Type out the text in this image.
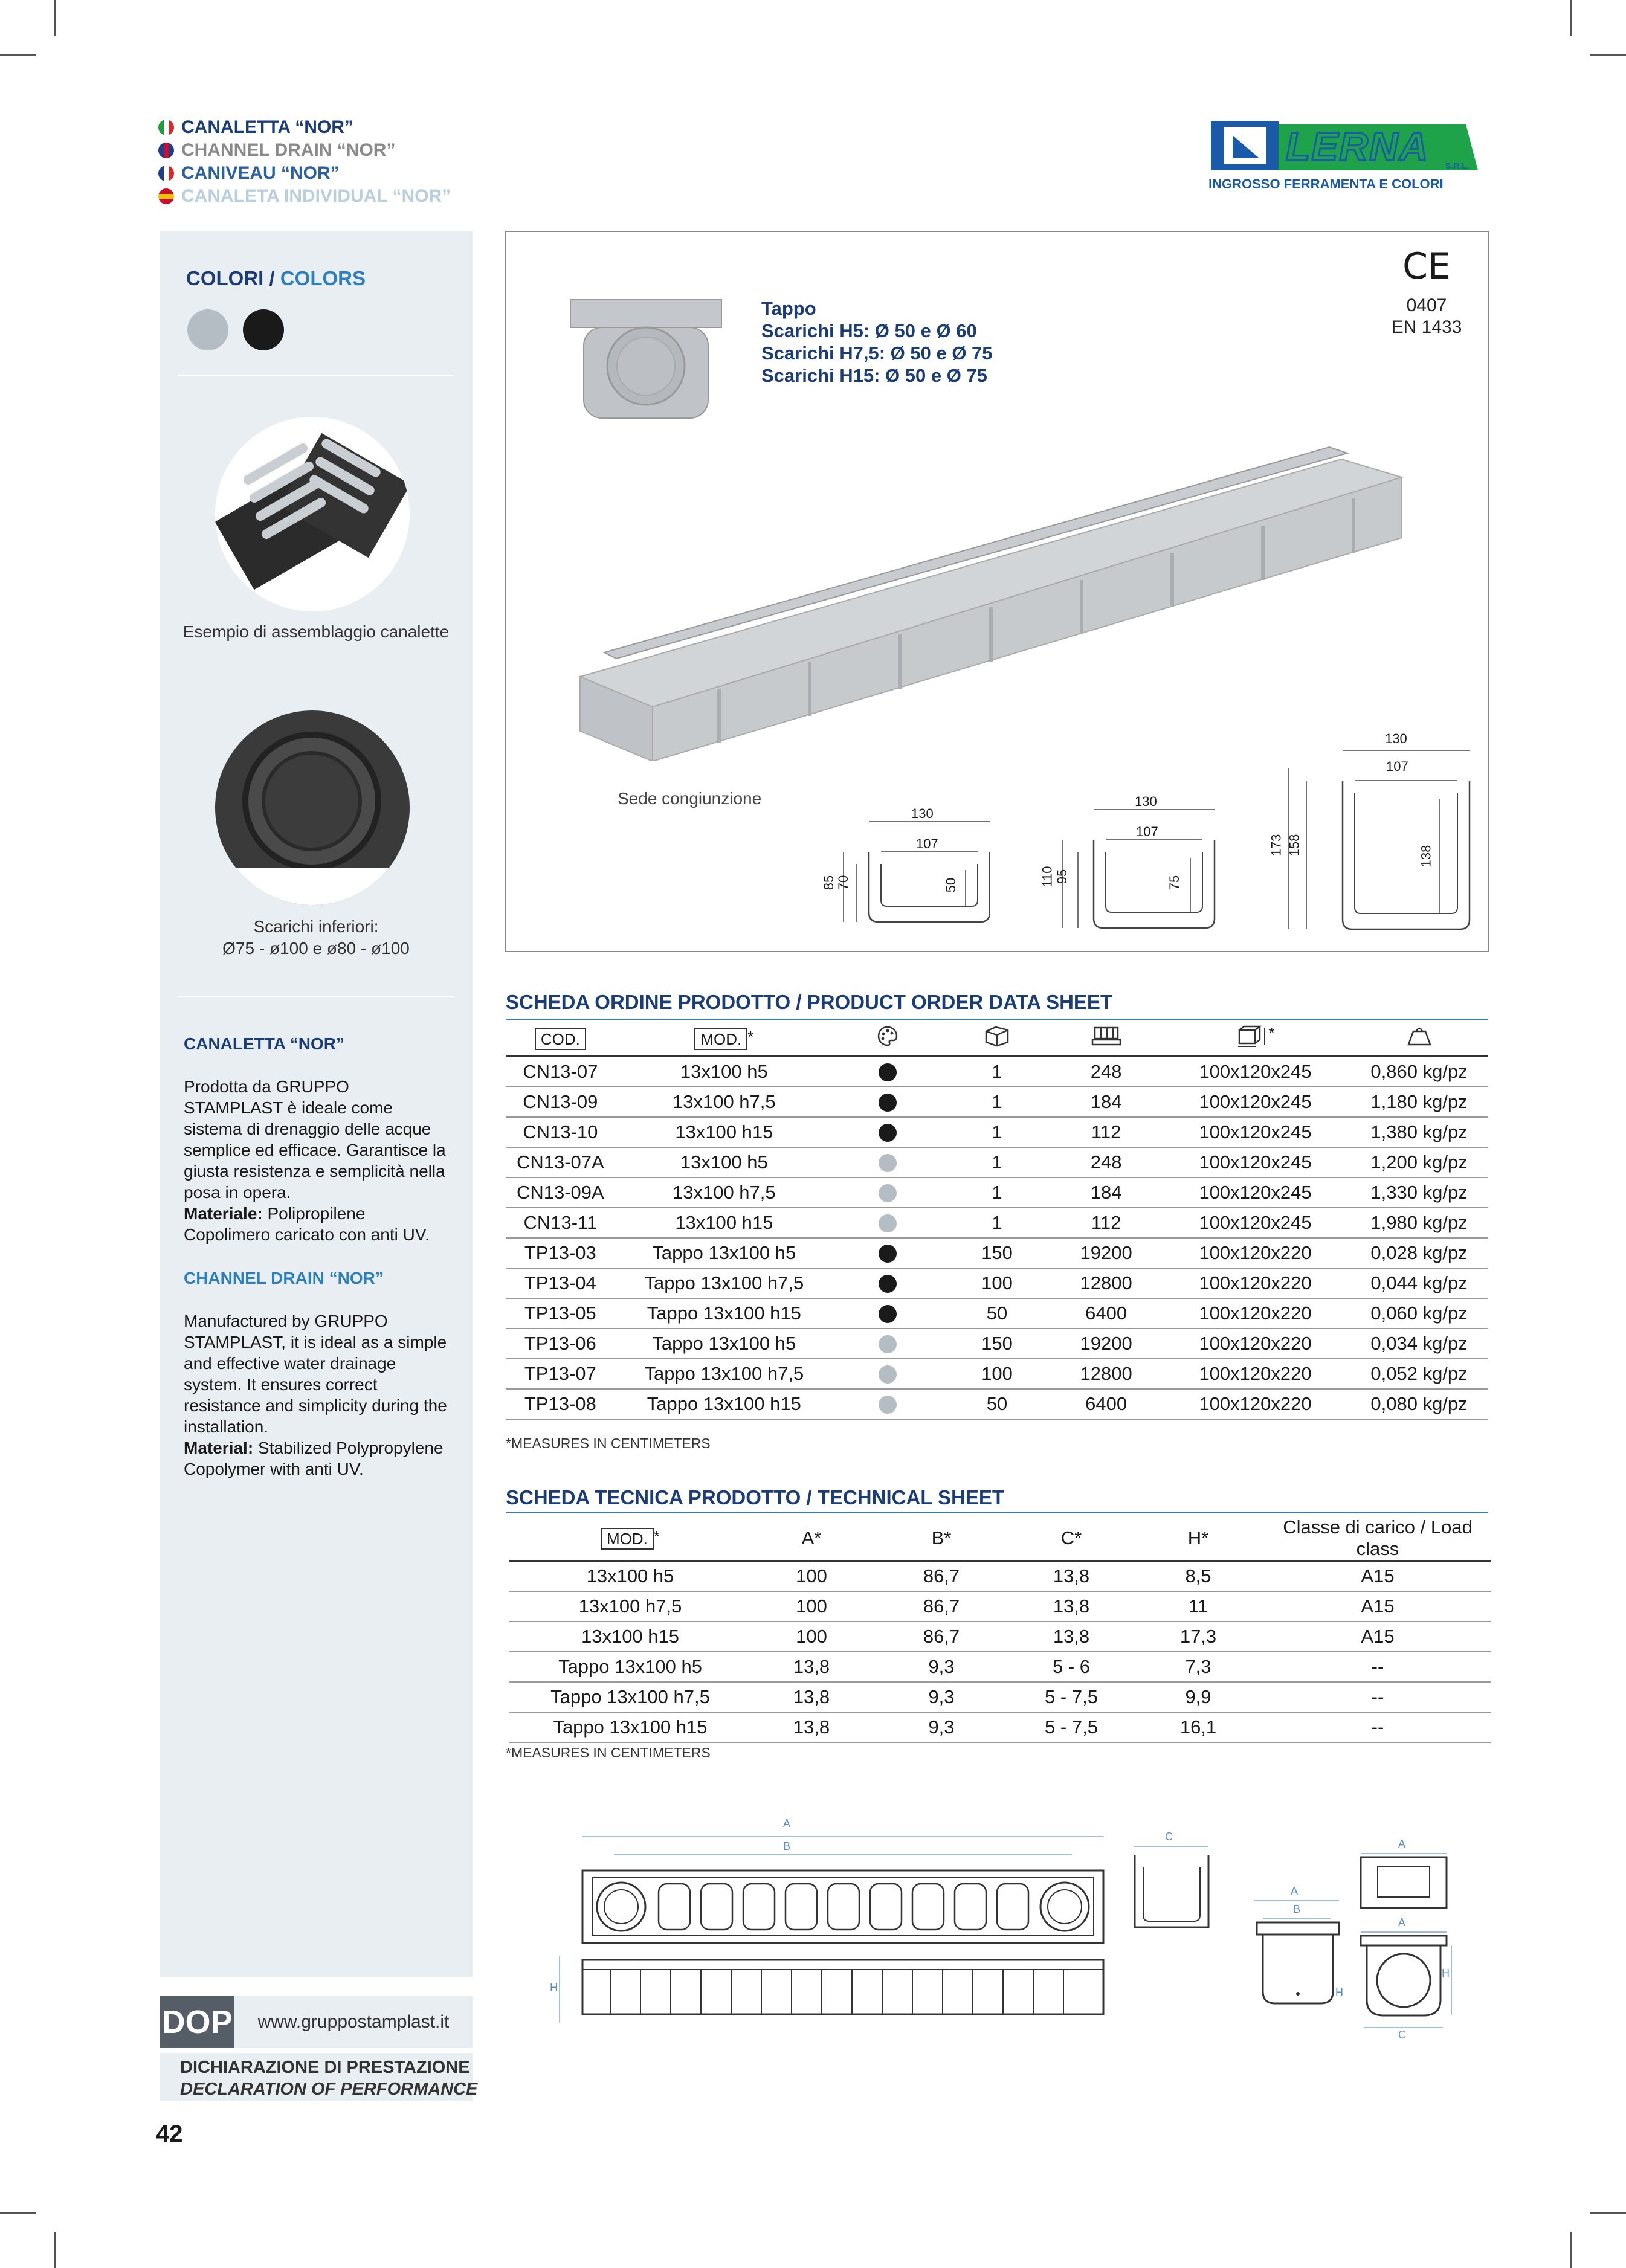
CANALETTA “NOR”
CHANNEL DRAIN “NOR”
CANIVEAU “NOR”
CANALETA INDIVIDUAL “NOR”
LERNA S.R.L.
INGROSSO FERRAMENTA E COLORI
COLORI / COLORS
Esempio di assemblaggio canalette
Scarichi inferiori:
Ø75 - ø100 e ø80 - ø100
CANALETTA “NOR”
Prodotta da GRUPPO STAMPLAST è ideale come sistema di drenaggio delle acque semplice ed efficace. Garantisce la giusta resistenza e semplicità nella posa in opera.
Materiale: Polipropilene Copolimero caricato con anti UV.
CHANNEL DRAIN “NOR”
Manufactured by GRUPPO STAMPLAST, it is ideal as a simple and effective water drainage system. It ensures correct resistance and simplicity during the installation.
Material: Stabilized Polypropylene Copolymer with anti UV.
DOP	www.gruppostamplast.it
DICHIARAZIONE DI PRESTAZIONE
DECLARATION OF PERFORMANCE
42
Tappo
Scarichi H5: Ø 50 e Ø 60
Scarichi H7,5: Ø 50 e Ø 75
Scarichi H15: Ø 50 e Ø 75
CE
0407
EN 1433
Sede congiunzione
130
107
85 70	50
130
107
110 95	75
130
107
173 158	138
SCHEDA ORDINE PRODOTTO / PRODUCT ORDER DATA SHEET
COD.	MOD. *				*	
CN13-07	13x100 h5		1	248	100x120x245	0,860 kg/pz
CN13-09	13x100 h7,5		1	184	100x120x245	1,180 kg/pz
CN13-10	13x100 h15		1	112	100x120x245	1,380 kg/pz
CN13-07A	13x100 h5		1	248	100x120x245	1,200 kg/pz
CN13-09A	13x100 h7,5		1	184	100x120x245	1,330 kg/pz
CN13-11	13x100 h15		1	112	100x120x245	1,980 kg/pz
TP13-03	Tappo 13x100 h5		150	19200	100x120x220	0,028 kg/pz
TP13-04	Tappo 13x100 h7,5		100	12800	100x120x220	0,044 kg/pz
TP13-05	Tappo 13x100 h15		50	6400	100x120x220	0,060 kg/pz
TP13-06	Tappo 13x100 h5		150	19200	100x120x220	0,034 kg/pz
TP13-07	Tappo 13x100 h7,5		100	12800	100x120x220	0,052 kg/pz
TP13-08	Tappo 13x100 h15		50	6400	100x120x220	0,080 kg/pz
*MEASURES IN CENTIMETERS
SCHEDA TECNICA PRODOTTO / TECHNICAL SHEET
MOD. *	A*	B*	C*	H*	Classe di carico / Load class
13x100 h5	100	86,7	13,8	8,5	A15
13x100 h7,5	100	86,7	13,8	11	A15
13x100 h15	100	86,7	13,8	17,3	A15
Tappo 13x100 h5	13,8	9,3	5 - 6	7,3	--
Tappo 13x100 h7,5	13,8	9,3	5 - 7,5	9,9	--
Tappo 13x100 h15	13,8	9,3	5 - 7,5	16,1	--
*MEASURES IN CENTIMETERS
A
B
H
C
A
B
H
A
A
H
C
